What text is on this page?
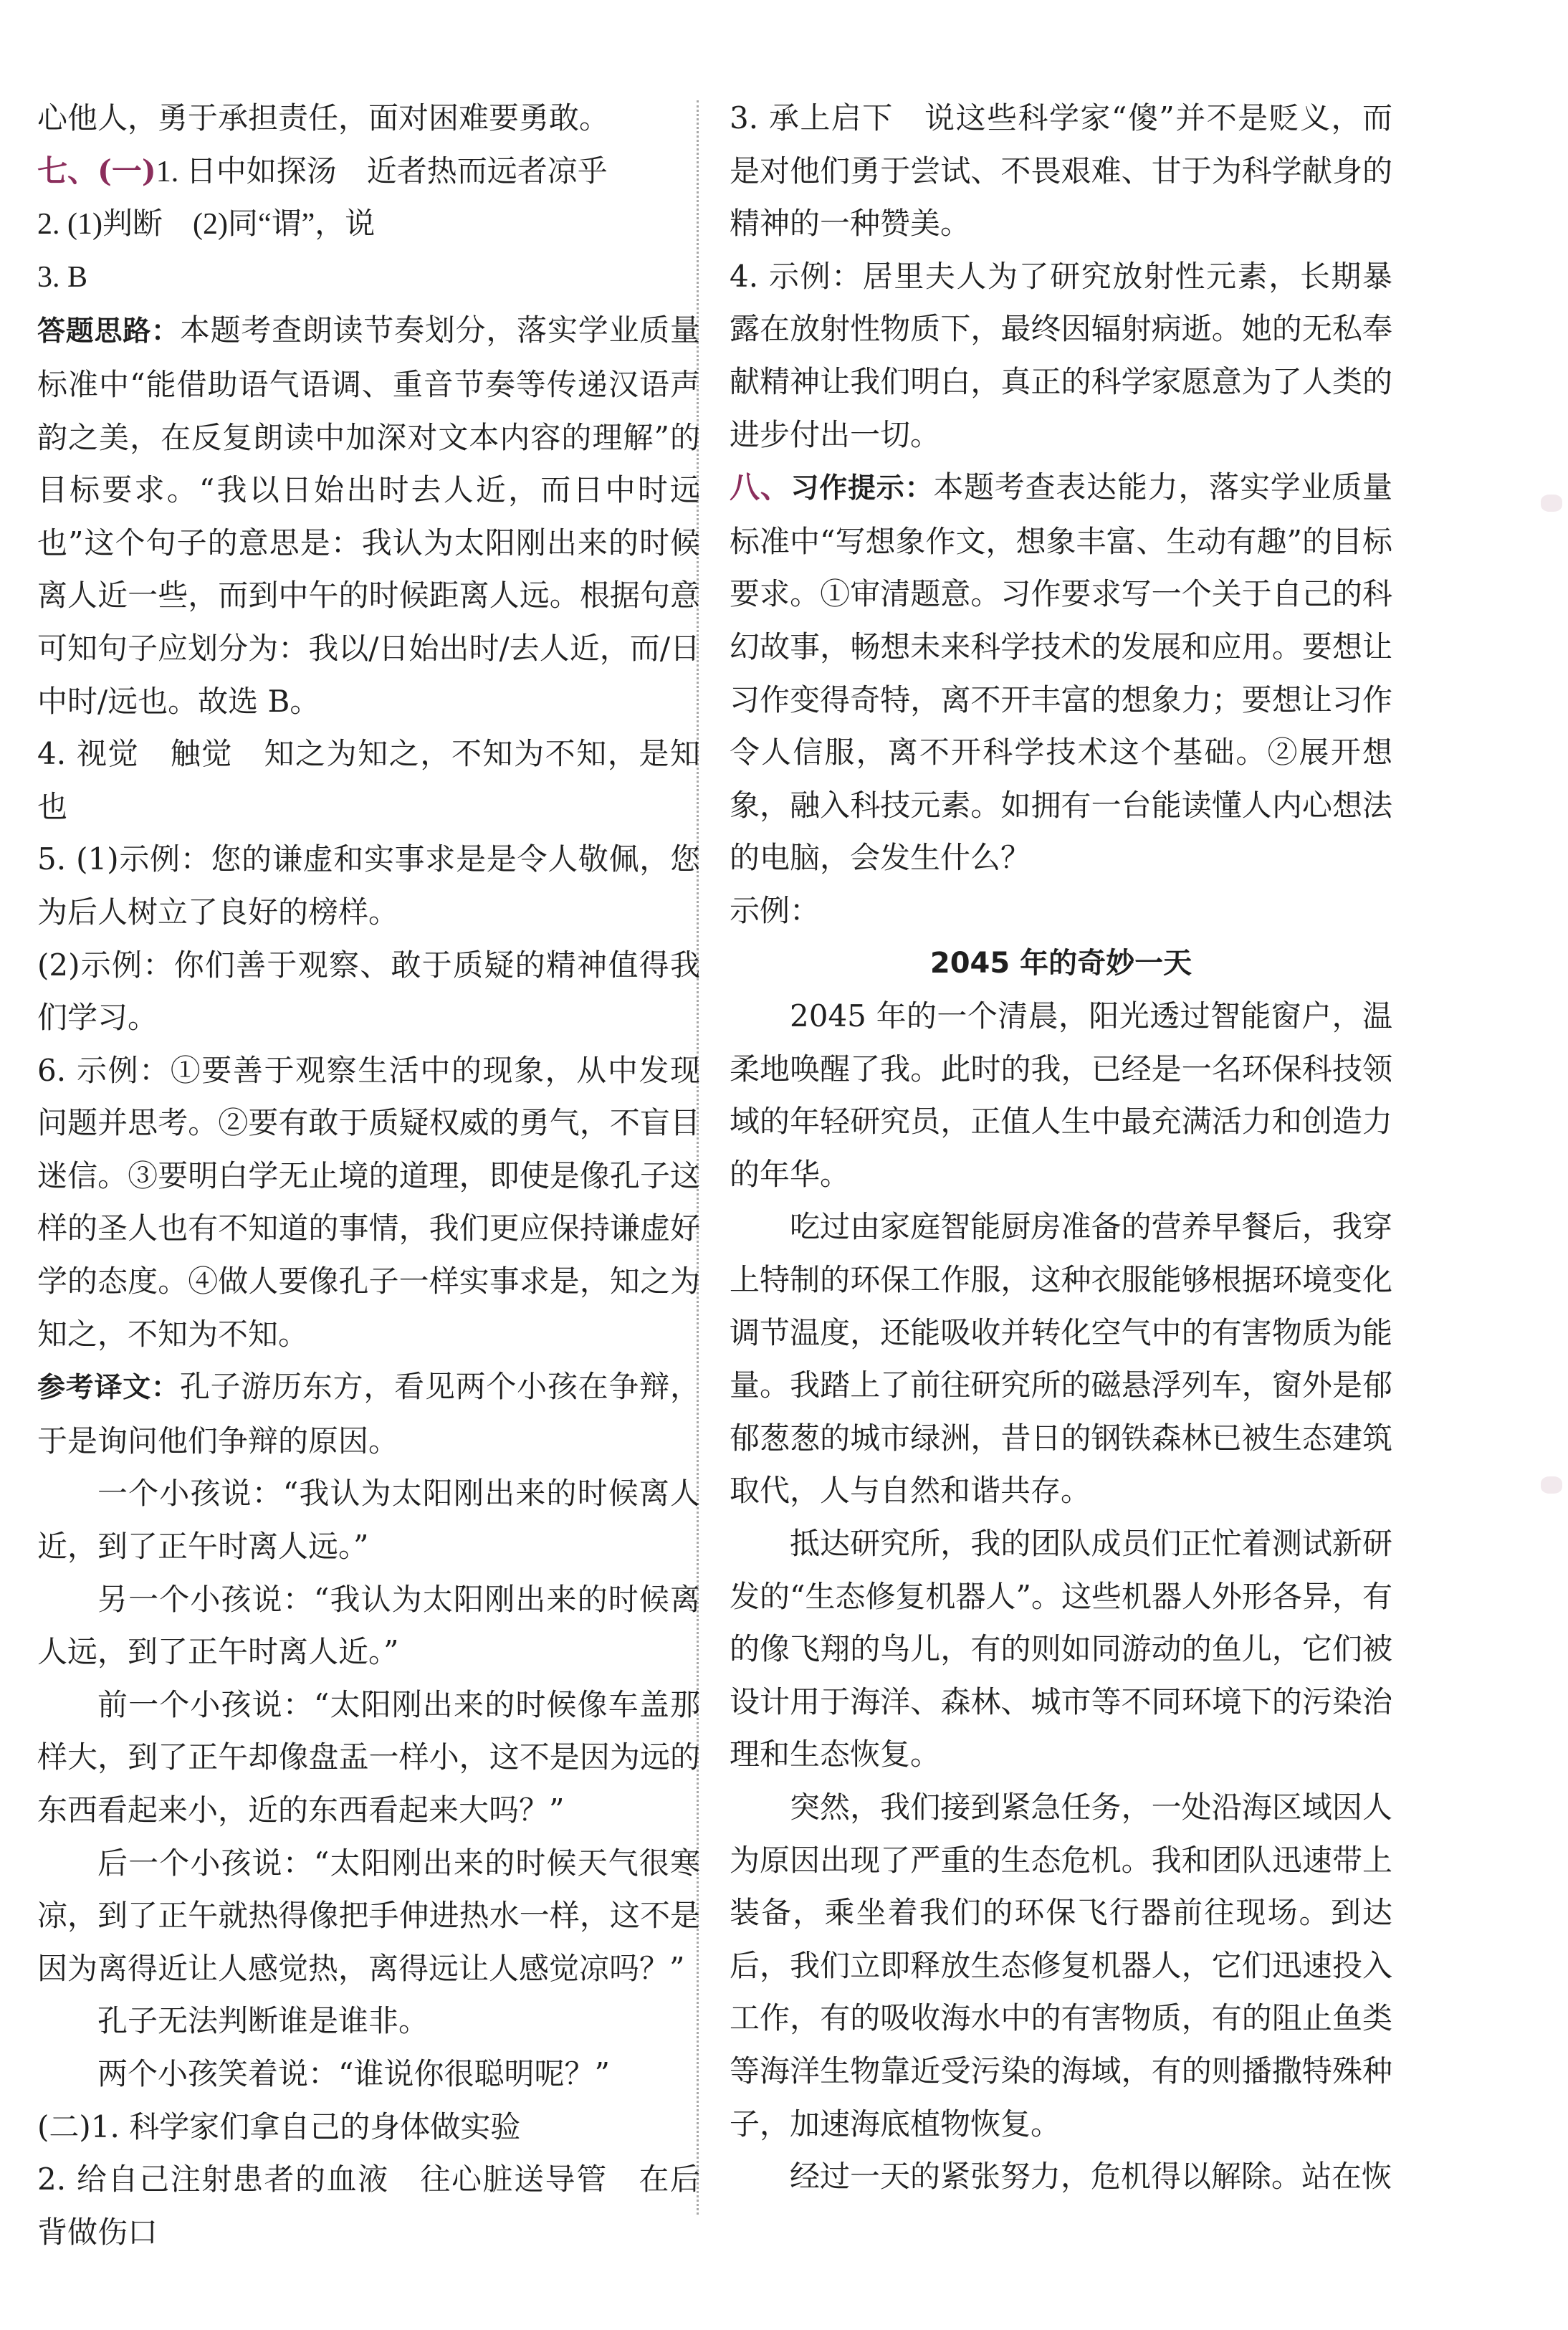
心他人，勇于承担责任，面对困难要勇敢。

七、(一)1. 日中如探汤　近者热而远者凉乎

2. (1)判断　(2)同“谓”，说

3. B

答题思路：本题考查朗读节奏划分，落实学业质量标准中“能借助语气语调、重音节奏等传递汉语声韵之美，在反复朗读中加深对文本内容的理解”的目标要求。“我以日始出时去人近，而日中时远也”这个句子的意思是：我认为太阳刚出来的时候离人近一些，而到中午的时候距离人远。根据句意可知句子应划分为：我以/日始出时/去人近，而/日中时/远也。故选 B。

4. 视觉　触觉　知之为知之，不知为不知，是知也

5. (1)示例：您的谦虚和实事求是是令人敬佩，您为后人树立了良好的榜样。

(2)示例：你们善于观察、敢于质疑的精神值得我们学习。

6. 示例：①要善于观察生活中的现象，从中发现问题并思考。②要有敢于质疑权威的勇气，不盲目迷信。③要明白学无止境的道理，即使是像孔子这样的圣人也有不知道的事情，我们更应保持谦虚好学的态度。④做人要像孔子一样实事求是，知之为知之，不知为不知。

参考译文：孔子游历东方，看见两个小孩在争辩，于是询问他们争辩的原因。

一个小孩说：“我认为太阳刚出来的时候离人近，到了正午时离人远。”

另一个小孩说：“我认为太阳刚出来的时候离人远，到了正午时离人近。”

前一个小孩说：“太阳刚出来的时候像车盖那样大，到了正午却像盘盂一样小，这不是因为远的东西看起来小，近的东西看起来大吗？”

后一个小孩说：“太阳刚出来的时候天气很寒凉，到了正午就热得像把手伸进热水一样，这不是因为离得近让人感觉热，离得远让人感觉凉吗？”

孔子无法判断谁是谁非。

两个小孩笑着说：“谁说你很聪明呢？”

(二)1. 科学家们拿自己的身体做实验

2. 给自己注射患者的血液　往心脏送导管　在后背做伤口

3. 承上启下　说这些科学家“傻”并不是贬义，而是对他们勇于尝试、不畏艰难、甘于为科学献身的精神的一种赞美。

4. 示例：居里夫人为了研究放射性元素，长期暴露在放射性物质下，最终因辐射病逝。她的无私奉献精神让我们明白，真正的科学家愿意为了人类的进步付出一切。

八、习作提示：本题考查表达能力，落实学业质量标准中“写想象作文，想象丰富、生动有趣”的目标要求。①审清题意。习作要求写一个关于自己的科幻故事，畅想未来科学技术的发展和应用。要想让习作变得奇特，离不开丰富的想象力；要想让习作令人信服，离不开科学技术这个基础。②展开想象，融入科技元素。如拥有一台能读懂人内心想法的电脑，会发生什么？

示例：

2045 年的奇妙一天

2045 年的一个清晨，阳光透过智能窗户，温柔地唤醒了我。此时的我，已经是一名环保科技领域的年轻研究员，正值人生中最充满活力和创造力的年华。

吃过由家庭智能厨房准备的营养早餐后，我穿上特制的环保工作服，这种衣服能够根据环境变化调节温度，还能吸收并转化空气中的有害物质为能量。我踏上了前往研究所的磁悬浮列车，窗外是郁郁葱葱的城市绿洲，昔日的钢铁森林已被生态建筑取代，人与自然和谐共存。

抵达研究所，我的团队成员们正忙着测试新研发的“生态修复机器人”。这些机器人外形各异，有的像飞翔的鸟儿，有的则如同游动的鱼儿，它们被设计用于海洋、森林、城市等不同环境下的污染治理和生态恢复。

突然，我们接到紧急任务，一处沿海区域因人为原因出现了严重的生态危机。我和团队迅速带上装备，乘坐着我们的环保飞行器前往现场。到达后，我们立即释放生态修复机器人，它们迅速投入工作，有的吸收海水中的有害物质，有的阻止鱼类等海洋生物靠近受污染的海域，有的则播撒特殊种子，加速海底植物恢复。

经过一天的紧张努力，危机得以解除。站在恢
